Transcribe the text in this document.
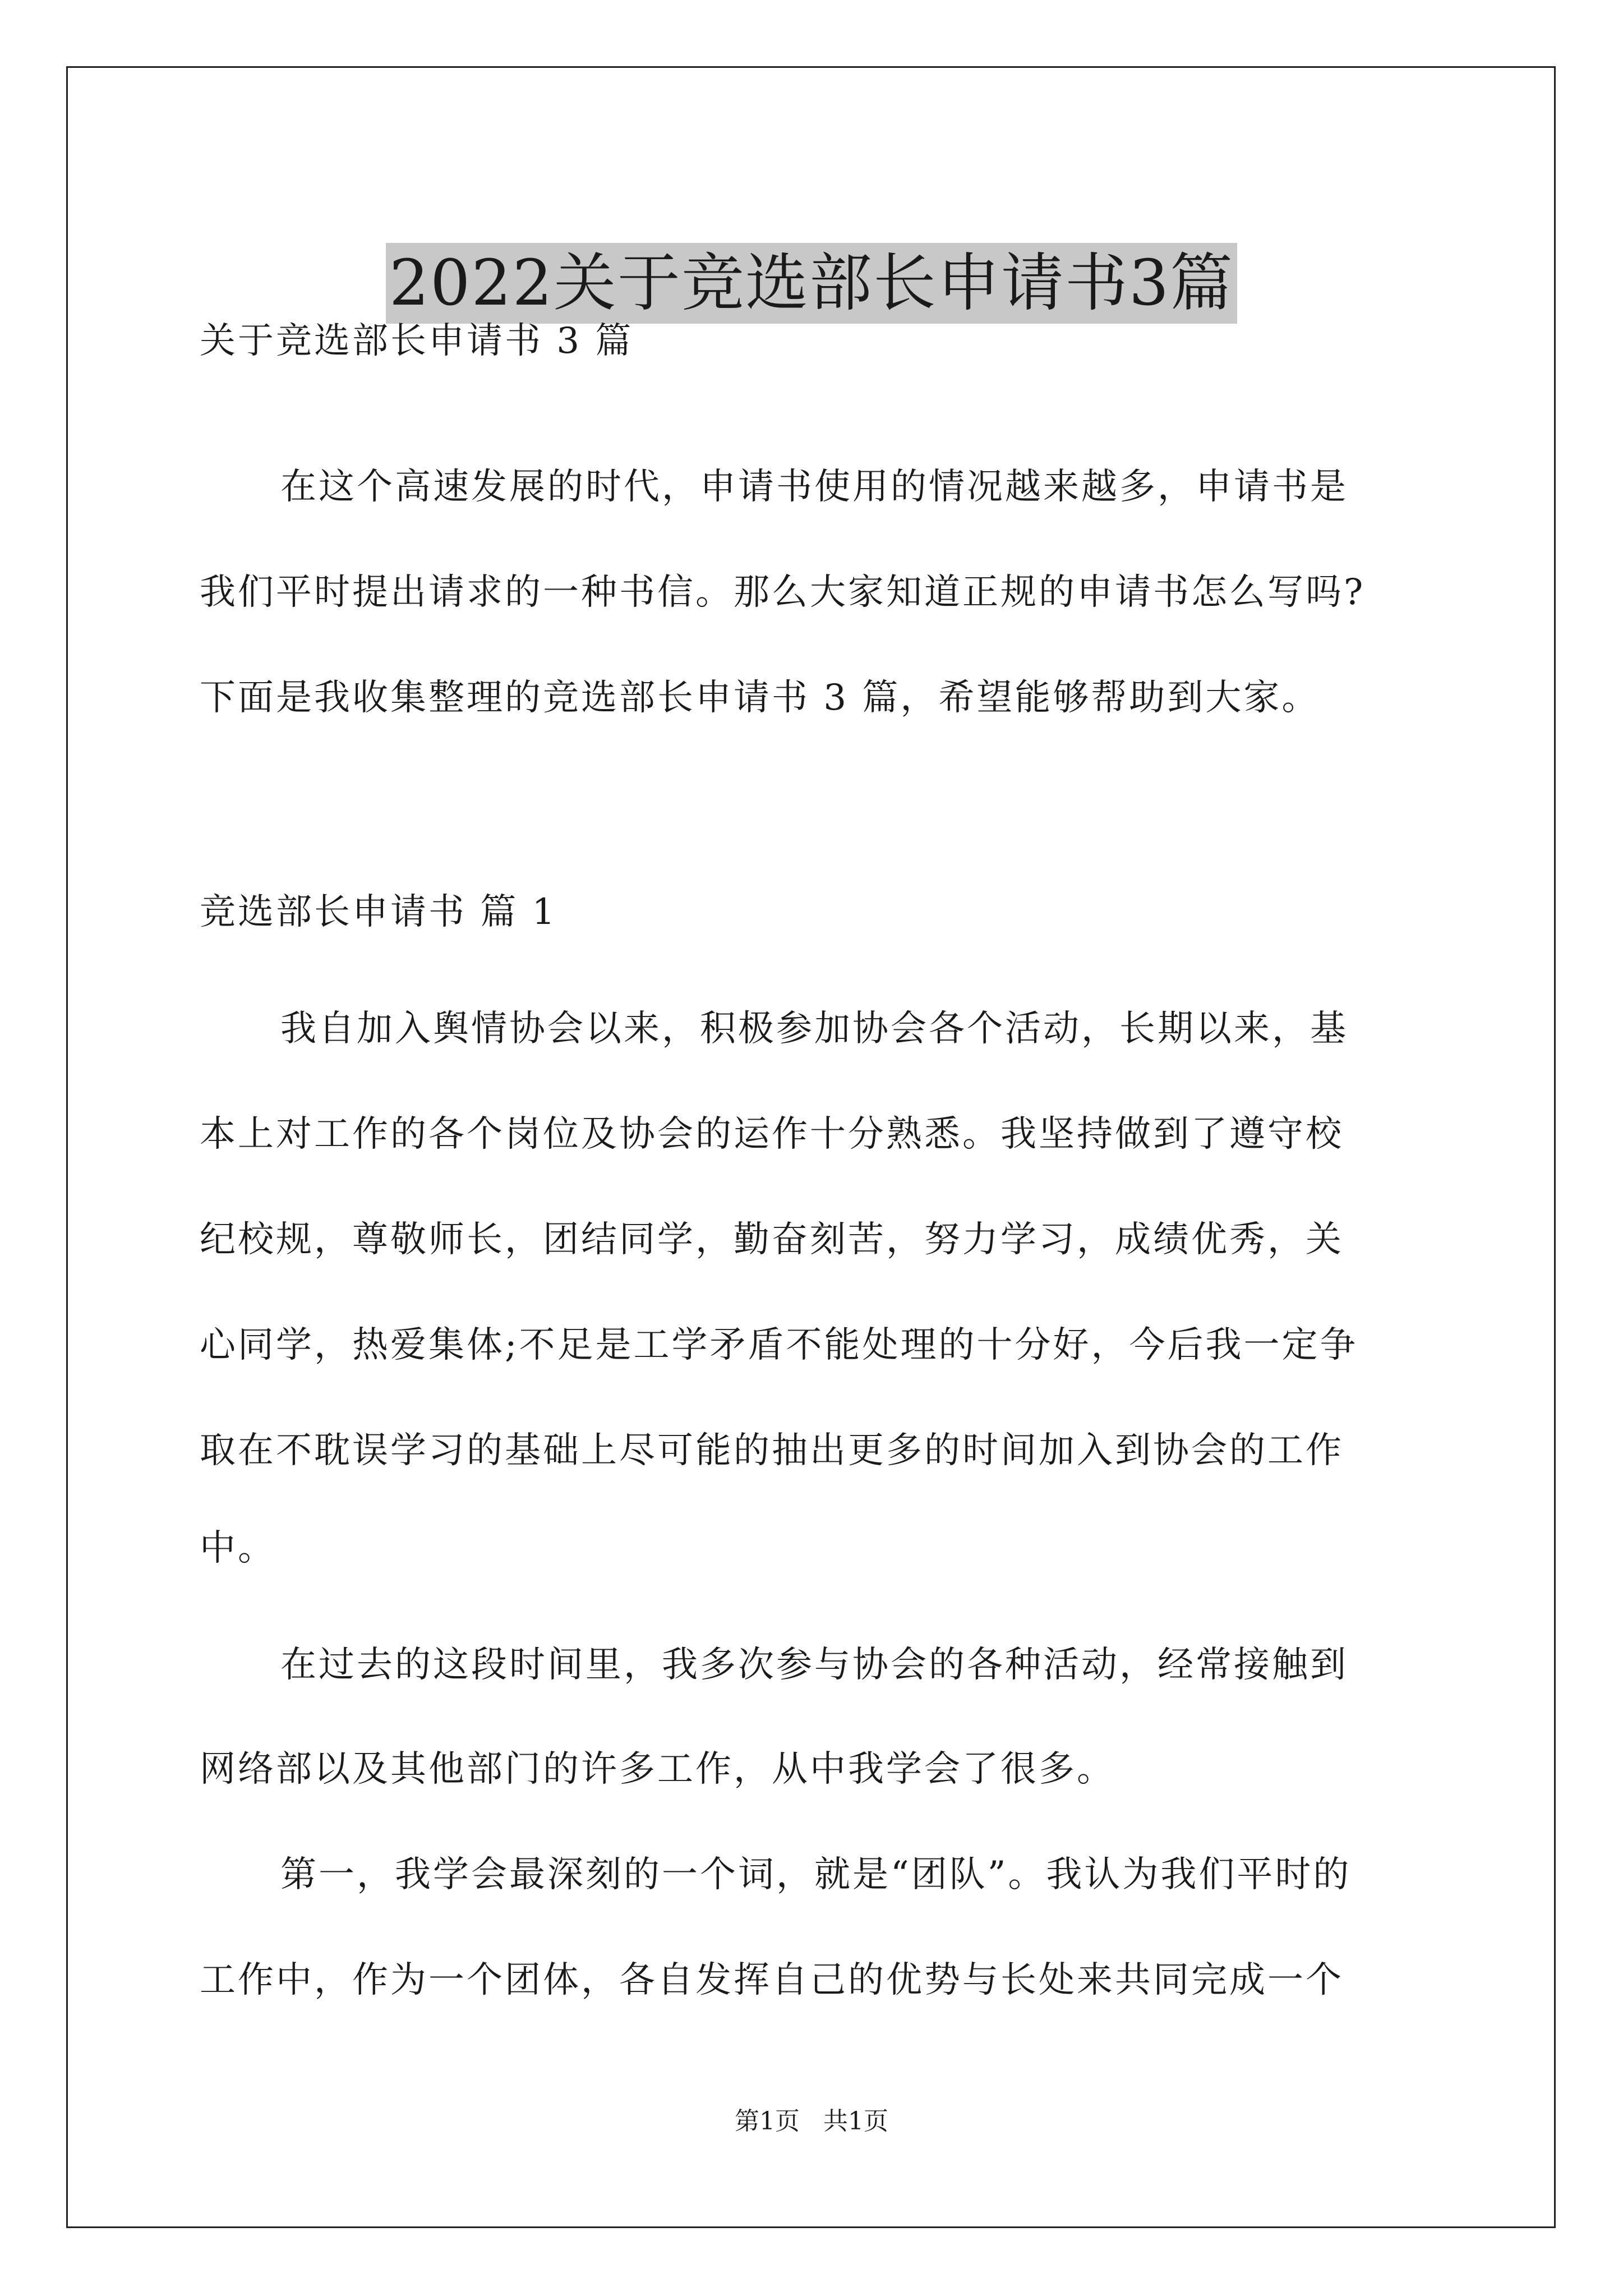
2022关于竞选部长申请书3篇
关于竞选部长申请书 3 篇
在这个高速发展的时代，申请书使用的情况越来越多，申请书是
我们平时提出请求的一种书信。那么大家知道正规的申请书怎么写吗?
下面是我收集整理的竞选部长申请书 3 篇，希望能够帮助到大家。
竞选部长申请书 篇 1
我自加入舆情协会以来，积极参加协会各个活动，长期以来，基
本上对工作的各个岗位及协会的运作十分熟悉。我坚持做到了遵守校
纪校规，尊敬师长，团结同学，勤奋刻苦，努力学习，成绩优秀，关
心同学，热爱集体;不足是工学矛盾不能处理的十分好，今后我一定争
取在不耽误学习的基础上尽可能的抽出更多的时间加入到协会的工作
中。
在过去的这段时间里，我多次参与协会的各种活动，经常接触到
网络部以及其他部门的许多工作，从中我学会了很多。
第一，我学会最深刻的一个词，就是“团队”。我认为我们平时的
工作中，作为一个团体，各自发挥自己的优势与长处来共同完成一个
第1页 共1页
